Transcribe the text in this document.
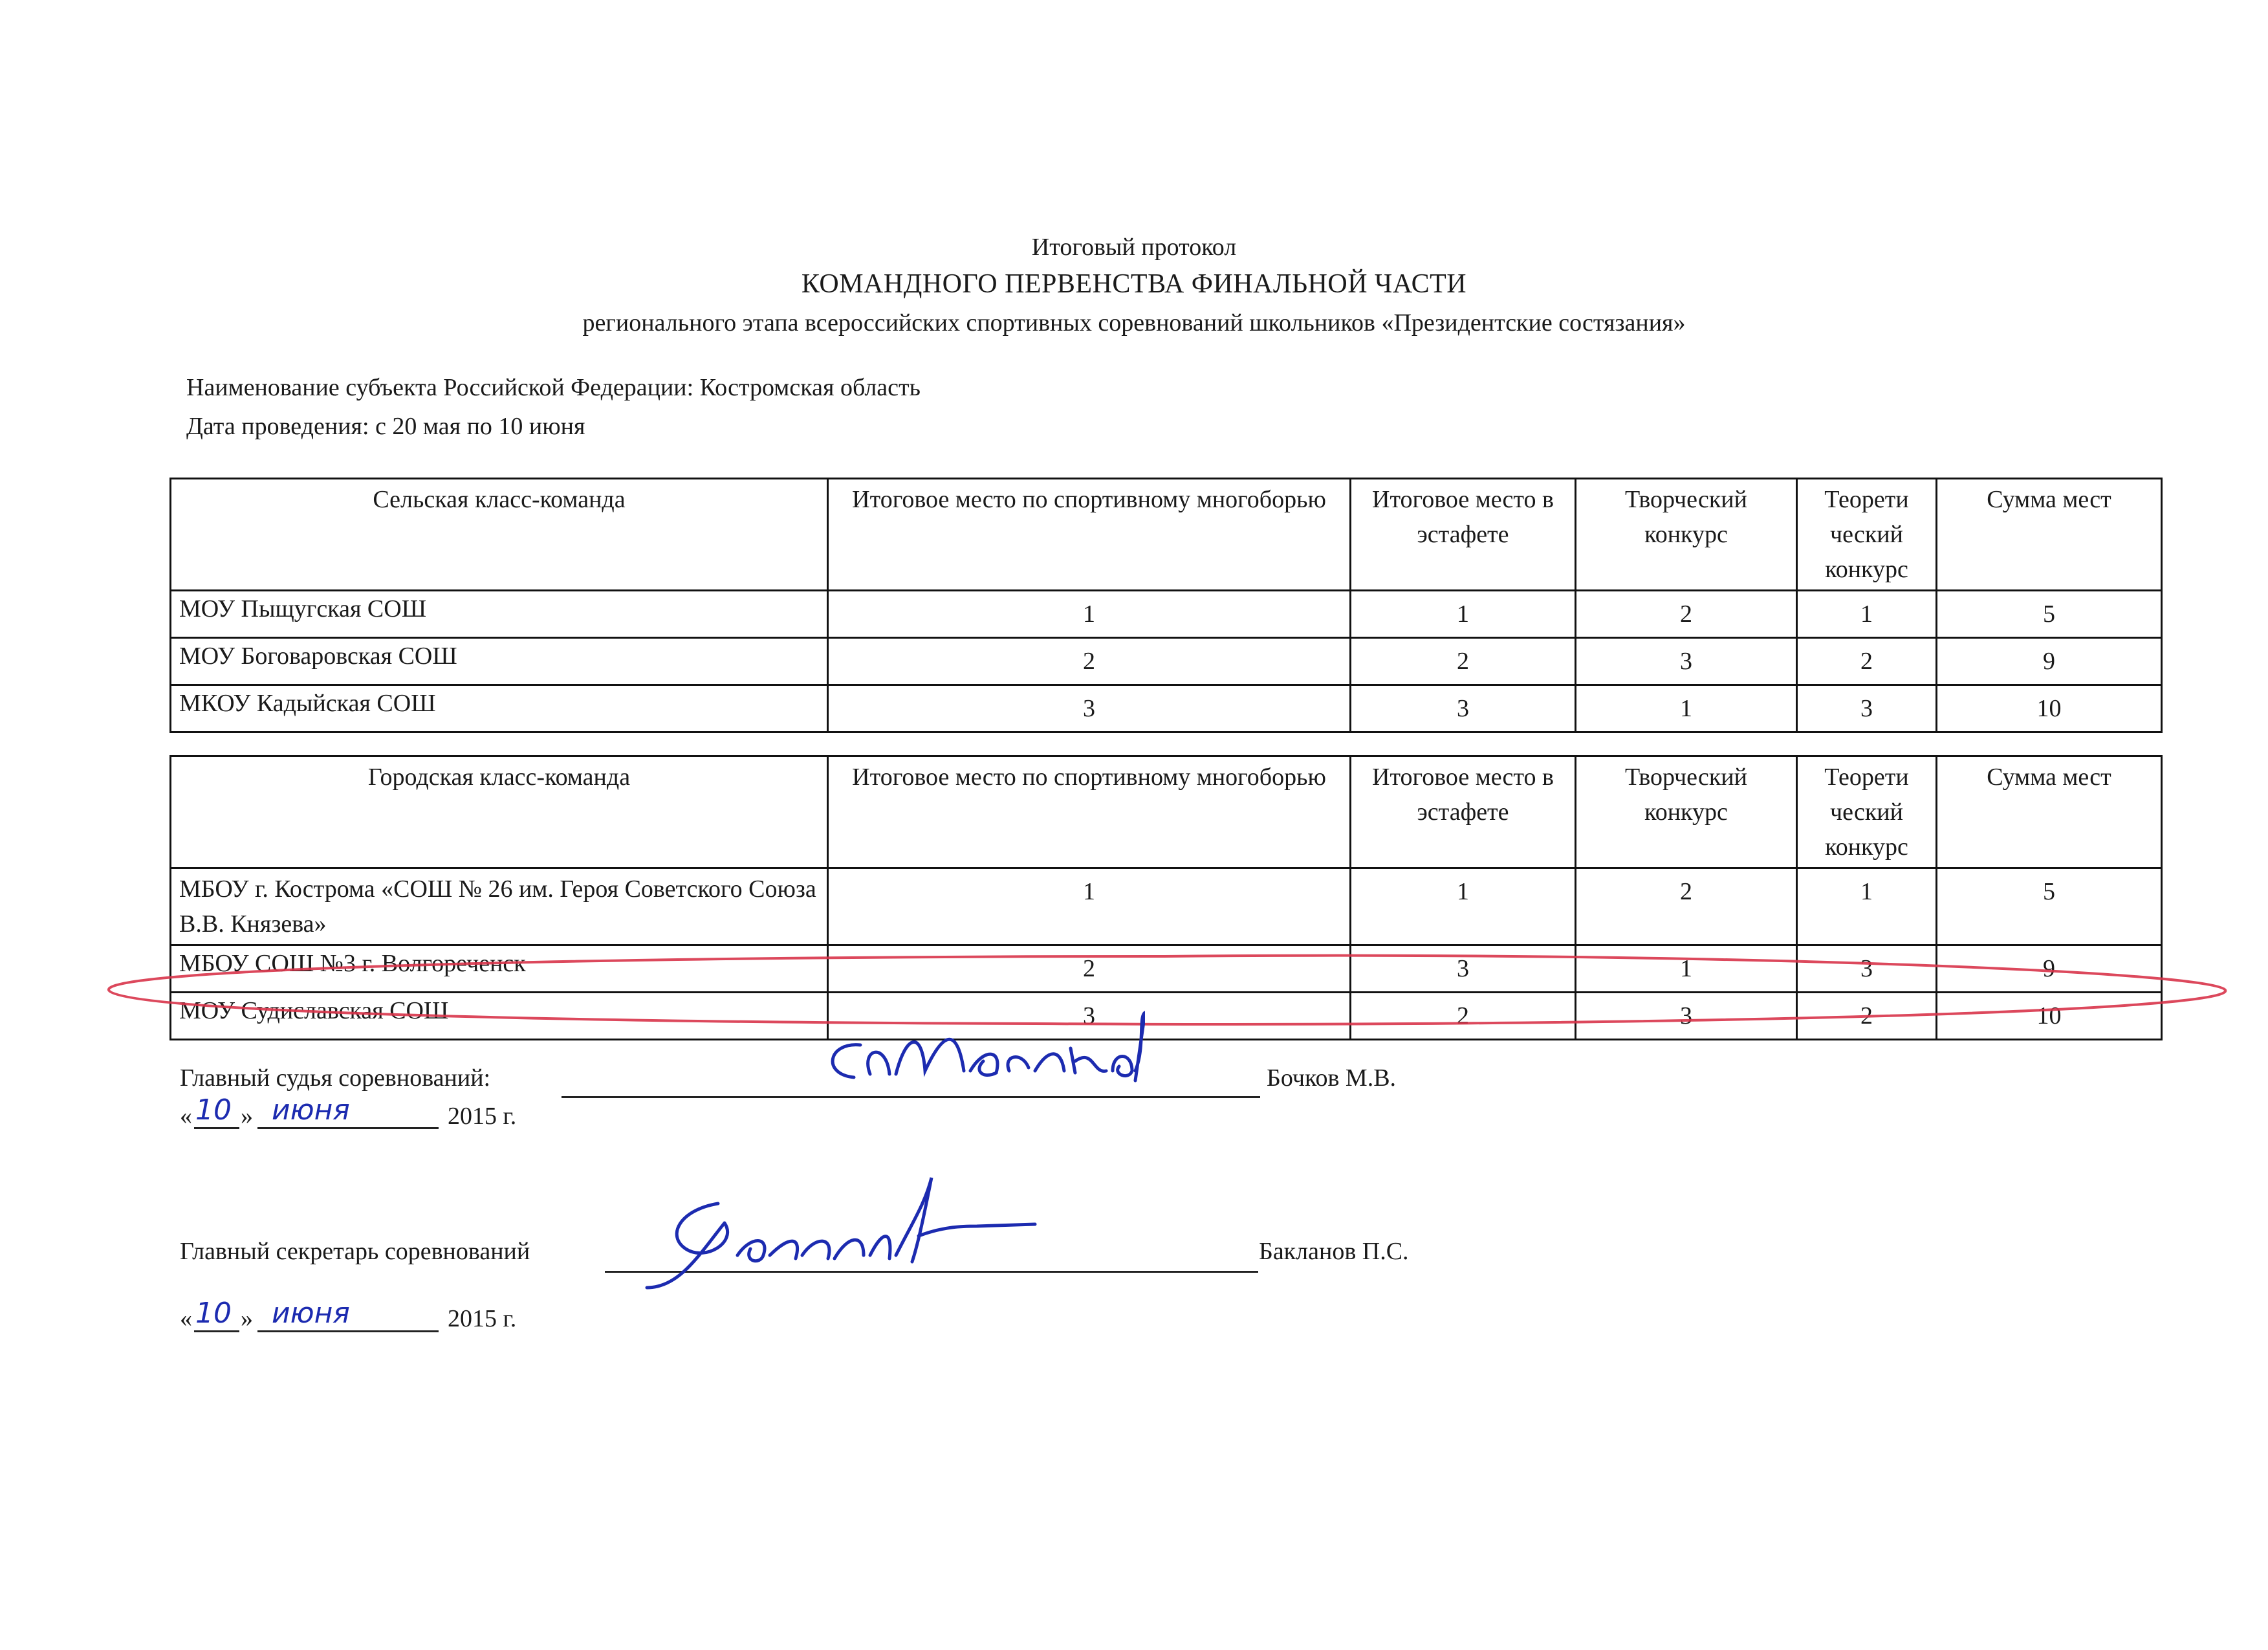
Итоговый протокол
КОМАНДНОГО ПЕРВЕНСТВА ФИНАЛЬНОЙ ЧАСТИ
регионального этапа всероссийских спортивных соревнований школьников «Президентские состязания»
Наименование субъекта Российской Федерации: Костромская область
Дата проведения: с 20 мая по 10 июня
Сельская класс-команда	Итоговое место по спортивному многоборью	Итоговое место в эстафете	Творческий конкурс	Теорети ческий конкурс	Сумма мест
МОУ Пыщугская СОШ	1	1	2	1	5
МОУ Боговаровская СОШ	2	2	3	2	9
МКОУ Кадыйская СОШ	3	3	1	3	10
Городская класс-команда	Итоговое место по спортивному многоборью	Итоговое место в эстафете	Творческий конкурс	Теорети ческий конкурс	Сумма мест
МБОУ г. Кострома «СОШ № 26 им. Героя Советского Союза В.В. Князева»	1	1	2	1	5
МБОУ СОШ №3 г. Волгореченск	2	3	1	3	9
МОУ Судиславская СОШ	3	2	3	2	10
Главный судья соревнований:	Бочков М.В.
« 10 » июня	2015 г.
Главный секретарь соревнований	Бакланов П.С.
« 10 » июня	2015 г.
